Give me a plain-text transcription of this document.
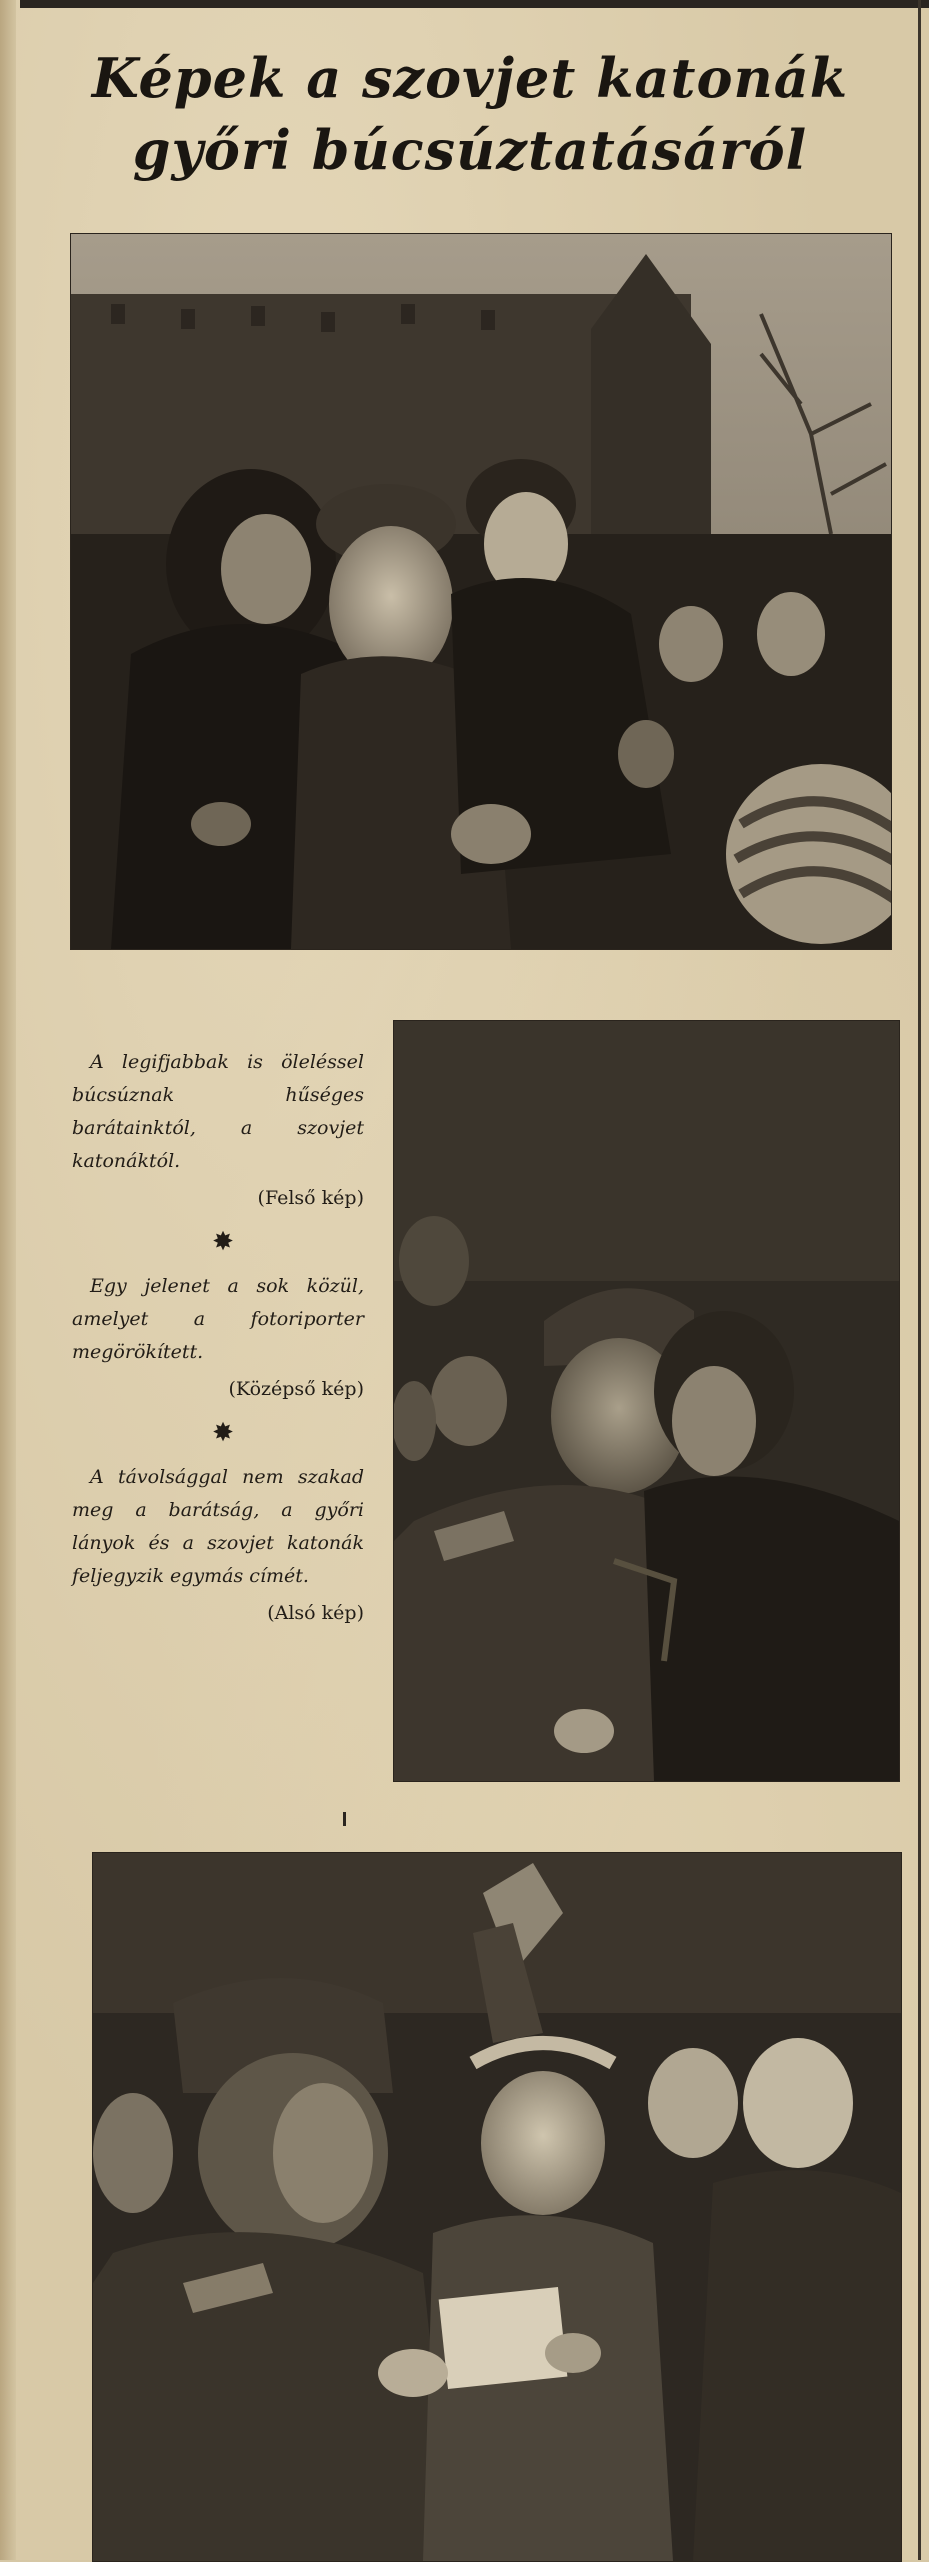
Képek a szovjet katonák
győri búcsúztatásáról
A legifjabbak is öleléssel búcsúznak hűséges barátainktól, a szovjet katonáktól.
(Felső kép)
✸
Egy jelenet a sok közül, amelyet a fotoriporter megörökített.
(Középső kép)
✸
A távolsággal nem szakad meg a barátság, a győri lányok és a szovjet katonák feljegyzik egymás címét.
(Alsó kép)
